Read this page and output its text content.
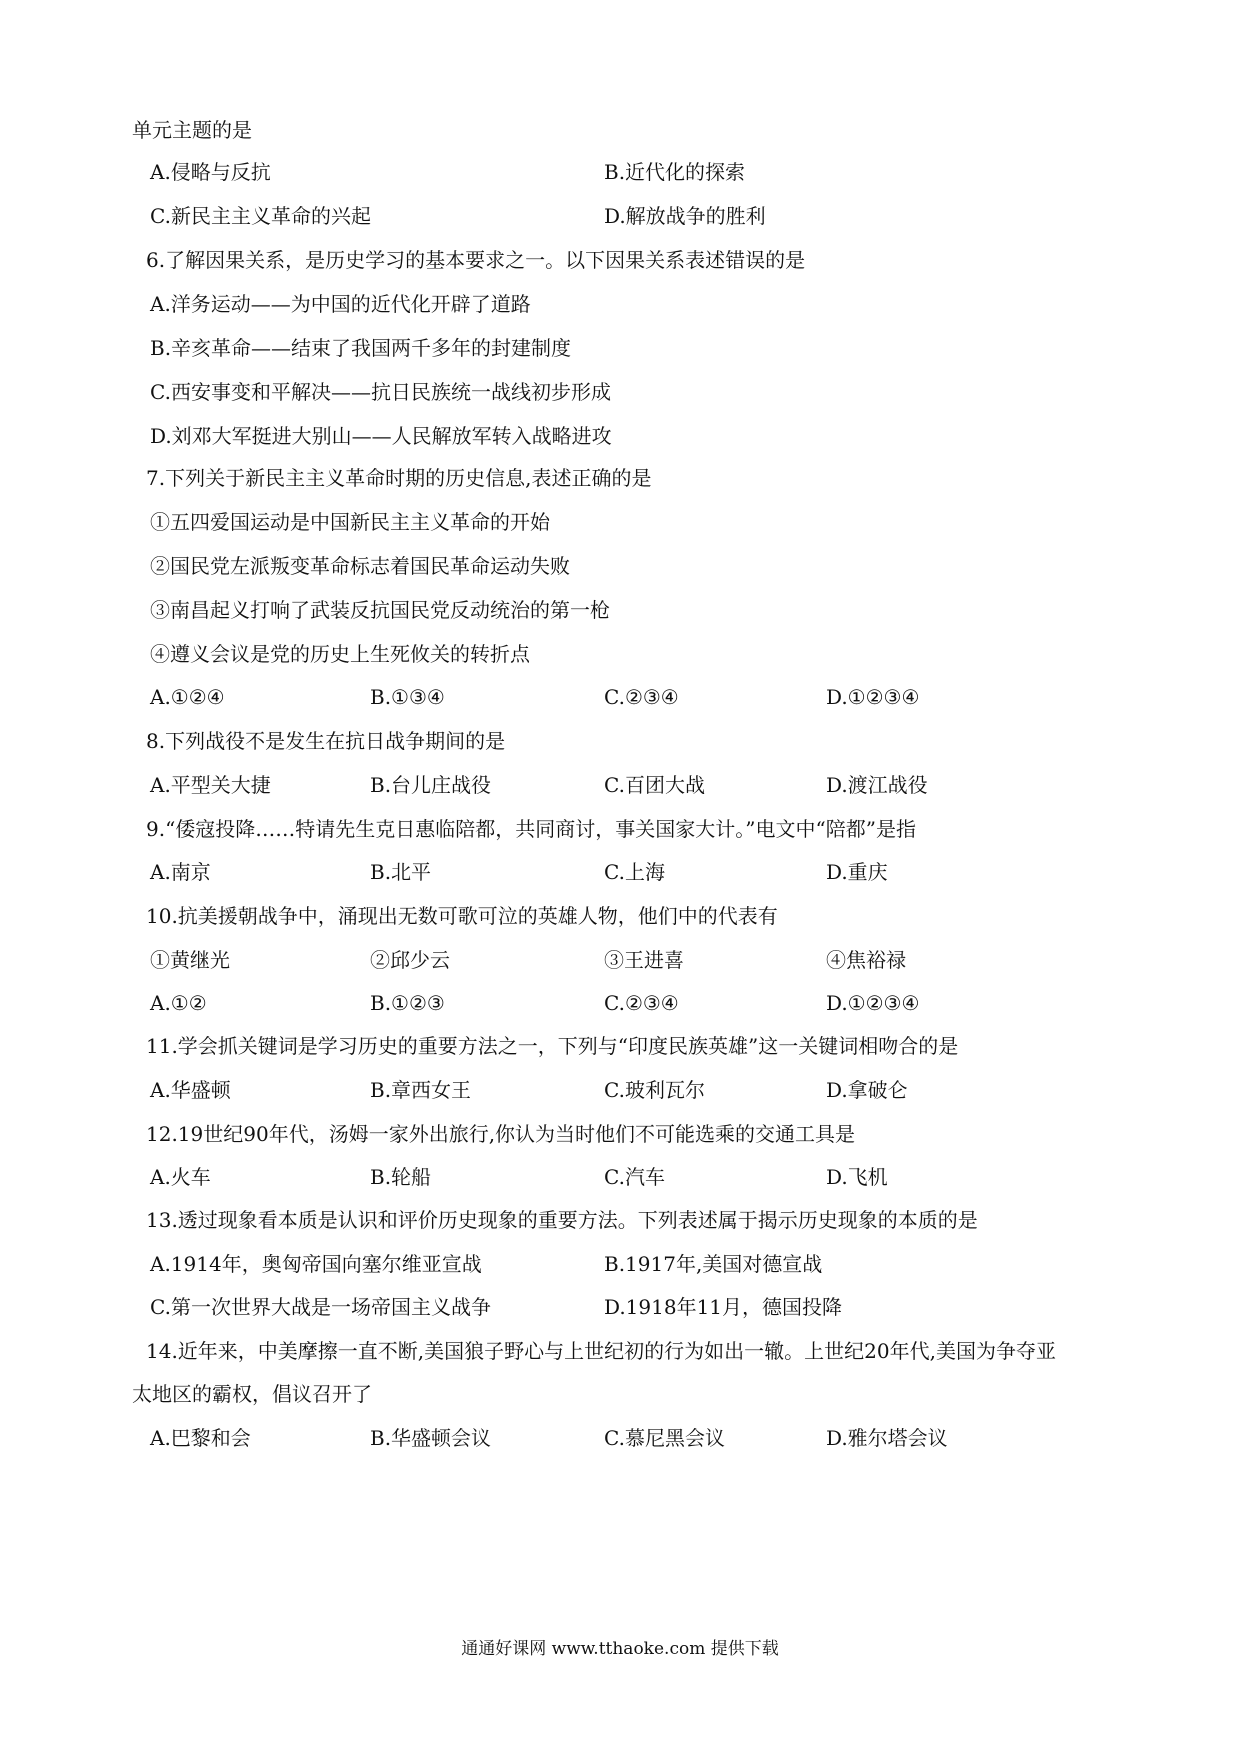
单元主题的是
A.侵略与反抗	B.近代化的探索
C.新民主主义革命的兴起	D.解放战争的胜利
6.了解因果关系，是历史学习的基本要求之一。以下因果关系表述错误的是
A.洋务运动——为中国的近代化开辟了道路
B.辛亥革命——结束了我国两千多年的封建制度
C.西安事变和平解决——抗日民族统一战线初步形成
D.刘邓大军挺进大别山——人民解放军转入战略进攻
7.下列关于新民主主义革命时期的历史信息,表述正确的是
①五四爱国运动是中国新民主主义革命的开始
②国民党左派叛变革命标志着国民革命运动失败
③南昌起义打响了武装反抗国民党反动统治的第一枪
④遵义会议是党的历史上生死攸关的转折点
A.①②④	B.①③④	C.②③④	D.①②③④
8.下列战役不是发生在抗日战争期间的是
A.平型关大捷	B.台儿庄战役	C.百团大战	D.渡江战役
9.“倭寇投降……特请先生克日惠临陪都，共同商讨，事关国家大计。”电文中“陪都”是指
A.南京	B.北平	C.上海	D.重庆
10.抗美援朝战争中，涌现出无数可歌可泣的英雄人物，他们中的代表有
①黄继光	②邱少云	③王进喜	④焦裕禄
A.①②	B.①②③	C.②③④	D.①②③④
11.学会抓关键词是学习历史的重要方法之一，下列与“印度民族英雄”这一关键词相吻合的是
A.华盛顿	B.章西女王	C.玻利瓦尔	D.拿破仑
12.19世纪90年代，汤姆一家外出旅行,你认为当时他们不可能选乘的交通工具是
A.火车	B.轮船	C.汽车	D.飞机
13.透过现象看本质是认识和评价历史现象的重要方法。下列表述属于揭示历史现象的本质的是
A.1914年，奥匈帝国向塞尔维亚宣战	B.1917年,美国对德宣战
C.第一次世界大战是一场帝国主义战争	D.1918年11月，德国投降
14.近年来，中美摩擦一直不断,美国狼子野心与上世纪初的行为如出一辙。上世纪20年代,美国为争夺亚
太地区的霸权，倡议召开了
A.巴黎和会	B.华盛顿会议	C.慕尼黑会议	D.雅尔塔会议
通通好课网 www.tthaoke.com 提供下载
